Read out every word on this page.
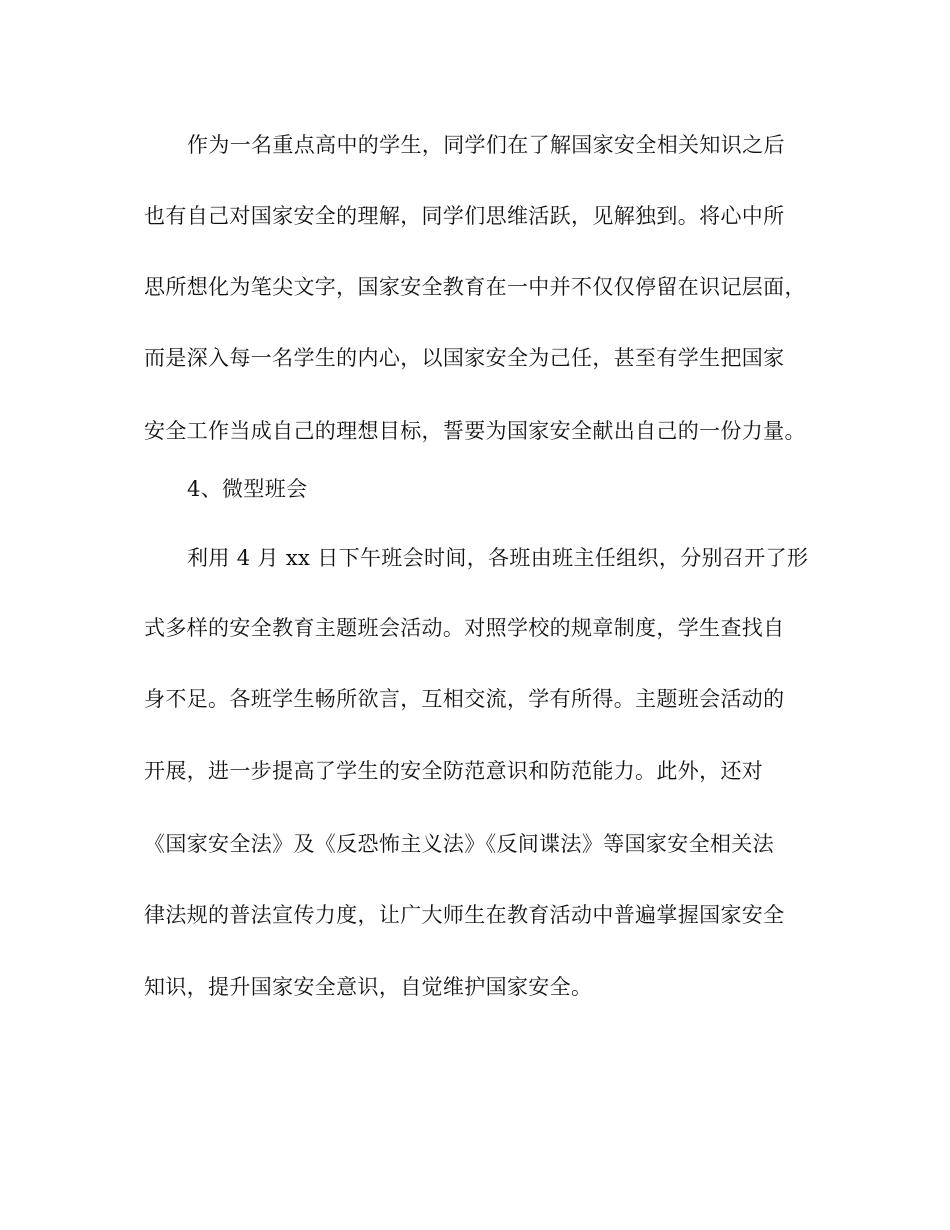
作为一名重点高中的学生，同学们在了解国家安全相关知识之后
也有自己对国家安全的理解，同学们思维活跃，见解独到。将心中所
思所想化为笔尖文字，国家安全教育在一中并不仅仅停留在识记层面，
而是深入每一名学生的内心，以国家安全为己任，甚至有学生把国家
安全工作当成自己的理想目标，誓要为国家安全献出自己的一份力量。
4、微型班会
利用 4 月 xx 日下午班会时间，各班由班主任组织，分别召开了形
式多样的安全教育主题班会活动。对照学校的规章制度，学生查找自
身不足。各班学生畅所欲言，互相交流，学有所得。主题班会活动的
开展，进一步提高了学生的安全防范意识和防范能力。此外，还对
《国家安全法》及《反恐怖主义法》《反间谍法》等国家安全相关法
律法规的普法宣传力度，让广大师生在教育活动中普遍掌握国家安全
知识，提升国家安全意识，自觉维护国家安全。
